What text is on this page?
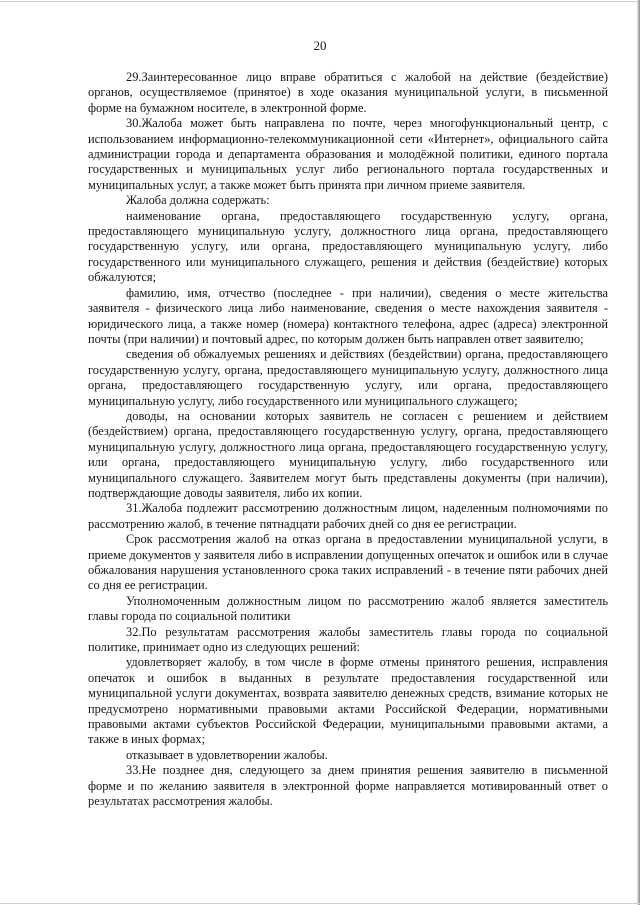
20

29.Заинтересованное лицо вправе обратиться с жалобой на действие (бездействие) органов, осуществляемое (принятое) в ходе оказания муниципальной услуги, в письменной форме на бумажном носителе, в электронной форме.

30.Жалоба может быть направлена по почте, через многофункциональный центр, с использованием информационно-телекоммуникационной сети «Интернет», официального сайта администрации города и департамента образования и молодёжной политики, единого портала государственных и муниципальных услуг либо регионального портала государственных и муниципальных услуг, а также может быть принята при личном приеме заявителя.

Жалоба должна содержать:

наименование органа, предоставляющего государственную услугу, органа, предоставляющего муниципальную услугу, должностного лица органа, предоставляющего государственную услугу, или органа, предоставляющего муниципальную услугу, либо государственного или муниципального служащего, решения и действия (бездействие) которых обжалуются;

фамилию, имя, отчество (последнее - при наличии), сведения о месте жительства заявителя - физического лица либо наименование, сведения о месте нахождения заявителя - юридического лица, а также номер (номера) контактного телефона, адрес (адреса) электронной почты (при наличии) и почтовый адрес, по которым должен быть направлен ответ заявителю;

сведения об обжалуемых решениях и действиях (бездействии) органа, предоставляющего государственную услугу, органа, предоставляющего муниципальную услугу, должностного лица органа, предоставляющего государственную услугу, или органа, предоставляющего муниципальную услугу, либо государственного или муниципального служащего;

доводы, на основании которых заявитель не согласен с решением и действием (бездействием) органа, предоставляющего государственную услугу, органа, предоставляющего муниципальную услугу, должностного лица органа, предоставляющего государственную услугу, или органа, предоставляющего муниципальную услугу, либо государственного или муниципального служащего. Заявителем могут быть представлены документы (при наличии), подтверждающие доводы заявителя, либо их копии.

31.Жалоба подлежит рассмотрению должностным лицом, наделенным полномочиями по рассмотрению жалоб, в течение пятнадцати рабочих дней со дня ее регистрации.

Срок рассмотрения жалоб на отказ органа в предоставлении муниципальной услуги, в приеме документов у заявителя либо в исправлении допущенных опечаток и ошибок или в случае обжалования нарушения установленного срока таких исправлений - в течение пяти рабочих дней со дня ее регистрации.

Уполномоченным должностным лицом по рассмотрению жалоб является заместитель главы города по социальной политики

32.По результатам рассмотрения жалобы заместитель главы города по социальной политике, принимает одно из следующих решений:

удовлетворяет жалобу, в том числе в форме отмены принятого решения, исправления опечаток и ошибок в выданных в результате предоставления государственной или муниципальной услуги документах, возврата заявителю денежных средств, взимание которых не предусмотрено нормативными правовыми актами Российской Федерации, нормативными правовыми актами субъектов Российской Федерации, муниципальными правовыми актами, а также в иных формах;

отказывает в удовлетворении жалобы.

33.Не позднее дня, следующего за днем принятия решения заявителю в письменной форме и по желанию заявителя в электронной форме направляется мотивированный ответ о результатах рассмотрения жалобы.
